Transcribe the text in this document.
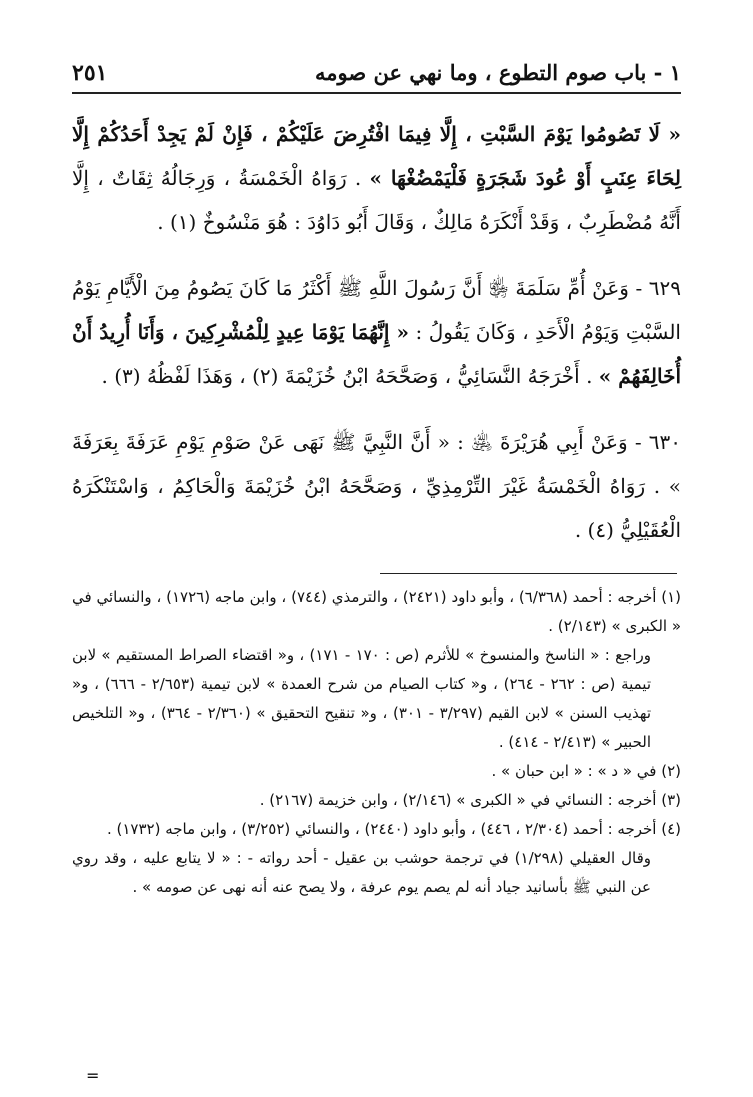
١ - باب صوم التطوع ، وما نهي عن صومه
٢٥١

« لَا تَصُومُوا يَوْمَ السَّبْتِ ، إِلَّا فِيمَا افْتُرِضَ عَلَيْكُمْ ، فَإِنْ لَمْ يَجِدْ أَحَدُكُمْ إِلَّا لِحَاءَ عِنَبٍ أَوْ عُودَ شَجَرَةٍ فَلْيَمْضُغْهَا » . رَوَاهُ الْخَمْسَةُ ، وَرِجَالُهُ ثِقَاتٌ ، إِلَّا أَنَّهُ مُضْطَرِبٌ ، وَقَدْ أَنْكَرَهُ مَالِكٌ ، وَقَالَ أَبُو دَاوُدَ : هُوَ مَنْسُوخٌ (١) .

٦٢٩ - وَعَنْ أُمِّ سَلَمَةَ ﵂ أَنَّ رَسُولَ اللَّهِ ﷺ أَكْثَرُ مَا كَانَ يَصُومُ مِنَ الْأَيَّامِ يَوْمُ السَّبْتِ وَيَوْمُ الْأَحَدِ ، وَكَانَ يَقُولُ : « إِنَّهُمَا يَوْمَا عِيدٍ لِلْمُشْرِكِينَ ، وَأَنَا أُرِيدُ أَنْ أُخَالِفَهُمْ » . أَخْرَجَهُ النَّسَائِيُّ ، وَصَحَّحَهُ ابْنُ خُزَيْمَةَ (٢) ، وَهَذَا لَفْظُهُ (٣) .

٦٣٠ - وَعَنْ أَبِي هُرَيْرَةَ ﵁ : « أَنَّ النَّبِيَّ ﷺ نَهَى عَنْ صَوْمِ يَوْمِ عَرَفَةَ بِعَرَفَةَ » . رَوَاهُ الْخَمْسَةُ غَيْرَ التِّرْمِذِيِّ ، وَصَحَّحَهُ ابْنُ خُزَيْمَةَ وَالْحَاكِمُ ، وَاسْتَنْكَرَهُ الْعُقَيْلِيُّ (٤) .

(١) أخرجه : أحمد (٦/٣٦٨) ، وأبو داود (٢٤٢١) ، والترمذي (٧٤٤) ، وابن ماجه (١٧٢٦) ، والنسائي في « الكبرى » (٢/١٤٣) .

وراجع : « الناسخ والمنسوخ » للأثرم (ص : ١٧٠ - ١٧١) ، و« اقتضاء الصراط المستقيم » لابن تيمية (ص : ٢٦٢ - ٢٦٤) ، و« كتاب الصيام من شرح العمدة » لابن تيمية (٢/٦٥٣ - ٦٦٦) ، و« تهذيب السنن » لابن القيم (٣/٢٩٧ - ٣٠١) ، و« تنقيح التحقيق » (٢/٣٦٠ - ٣٦٤) ، و« التلخيص الحبير » (٢/٤١٣ - ٤١٤) .

(٢) في « د » : « ابن حبان » .

(٣) أخرجه : النسائي في « الكبرى » (٢/١٤٦) ، وابن خزيمة (٢١٦٧) .

(٤) أخرجه : أحمد (٢/٣٠٤ ، ٤٤٦) ، وأبو داود (٢٤٤٠) ، والنسائي (٣/٢٥٢) ، وابن ماجه (١٧٣٢) .

وقال العقيلي (١/٢٩٨) في ترجمة حوشب بن عقيل - أحد رواته - : « لا يتابع عليه ، وقد روي عن النبي ﷺ بأسانيد جياد أنه لم يصم يوم عرفة ، ولا يصح عنه أنه نهى عن صومه » .

=
